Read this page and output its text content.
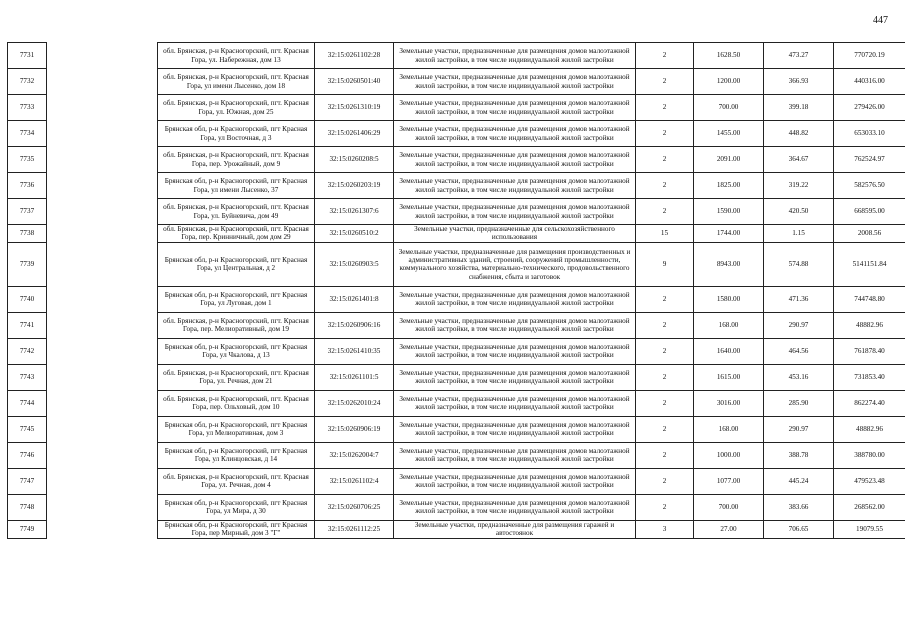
447
7731		обл. Брянская, р-н Красногорский, пгт. Красная Гора, ул. Набережная, дом 13	32:15:0261102:28	Земельные участки, предназначенные для размещения домов малоэтажной жилой застройки, в том числе индивидуальной жилой застройки	2	1628.50	473.27	770720.19
7732		обл. Брянская, р-н Красногорский, пгт. Красная Гора, ул имени Лысенко, дом 18	32:15:0260501:40	Земельные участки, предназначенные для размещения домов малоэтажной жилой застройки, в том числе индивидуальной жилой застройки	2	1200.00	366.93	440316.00
7733		обл. Брянская, р-н Красногорский, пгт. Красная Гора, ул. Южная, дом 25	32:15:0261310:19	Земельные участки, предназначенные для размещения домов малоэтажной жилой застройки, в том числе индивидуальной жилой застройки	2	700.00	399.18	279426.00
7734		Брянская обл, р-н Красногорский, пгт Красная Гора, ул Восточная, д 3	32:15:0261406:29	Земельные участки, предназначенные для размещения домов малоэтажной жилой застройки, в том числе индивидуальной жилой застройки	2	1455.00	448.82	653033.10
7735		обл. Брянская, р-н Красногорский, пгт. Красная Гора, пер. Урожайный, дом 9	32:15:0260208:5	Земельные участки, предназначенные для размещения домов малоэтажной жилой застройки, в том числе индивидуальной жилой застройки	2	2091.00	364.67	762524.97
7736		Брянская обл, р-н Красногорский, пгт Красная Гора, ул имени Лысенко, 37	32:15:0260203:19	Земельные участки, предназначенные для размещения домов малоэтажной жилой застройки, в том числе индивидуальной жилой застройки	2	1825.00	319.22	582576.50
7737		обл. Брянская, р-н Красногорский, пгт. Красная Гора, ул. Буйневича, дом 49	32:15:0261307:6	Земельные участки, предназначенные для размещения домов малоэтажной жилой застройки, в том числе индивидуальной жилой застройки	2	1590.00	420.50	668595.00
7738		обл. Брянская, р-н Красногорский, пгт. Красная Гора, пер. Кринничный, дом дом 29	32:15:0260510:2	Земельные участки, предназначенные для сельскохозяйственного использования	15	1744.00	1.15	2008.56
7739		Брянская обл, р-н Красногорский, пгт Красная Гора, ул Центральная, д 2	32:15:0260903:5	Земельные участки, предназначенные для размещения производственных и административных зданий, строений, сооружений промышленности, коммунального хозяйства, материально-технического, продовольственного снабжения, сбыта и заготовок	9	8943.00	574.88	5141151.84
7740		Брянская обл, р-н Красногорский, пгт Красная Гора, ул Луговая, дом 1	32:15:0261401:8	Земельные участки, предназначенные для размещения домов малоэтажной жилой застройки, в том числе индивидуальной жилой застройки	2	1580.00	471.36	744748.80
7741		обл. Брянская, р-н Красногорский, пгт. Красная Гора, пер. Мелиоративный, дом 19	32:15:0260906:16	Земельные участки, предназначенные для размещения домов малоэтажной жилой застройки, в том числе индивидуальной жилой застройки	2	168.00	290.97	48882.96
7742		Брянская обл, р-н Красногорский, пгт Красная Гора, ул Чкалова, д 13	32:15:0261410:35	Земельные участки, предназначенные для размещения домов малоэтажной жилой застройки, в том числе индивидуальной жилой застройки	2	1640.00	464.56	761878.40
7743		обл. Брянская, р-н Красногорский, пгт. Красная Гора, ул. Речная, дом 21	32:15:0261101:5	Земельные участки, предназначенные для размещения домов малоэтажной жилой застройки, в том числе индивидуальной жилой застройки	2	1615.00	453.16	731853.40
7744		обл. Брянская, р-н Красногорский, пгт. Красная Гора, пер. Ольховый, дом 10	32:15:0262010:24	Земельные участки, предназначенные для размещения домов малоэтажной жилой застройки, в том числе индивидуальной жилой застройки	2	3016.00	285.90	862274.40
7745		Брянская обл, р-н Красногорский, пгт Красная Гора, ул Мелиоративная, дом 3	32:15:0260906:19	Земельные участки, предназначенные для размещения домов малоэтажной жилой застройки, в том числе индивидуальной жилой застройки	2	168.00	290.97	48882.96
7746		Брянская обл, р-н Красногорский, пгт Красная Гора, ул Клинцовская, д 14	32:15:0262004:7	Земельные участки, предназначенные для размещения домов малоэтажной жилой застройки, в том числе индивидуальной жилой застройки	2	1000.00	388.78	388780.00
7747		обл. Брянская, р-н Красногорский, пгт. Красная Гора, ул. Речная, дом 4	32:15:0261102:4	Земельные участки, предназначенные для размещения домов малоэтажной жилой застройки, в том числе индивидуальной жилой застройки	2	1077.00	445.24	479523.48
7748		Брянская обл, р-н Красногорский, пгт Красная Гора, ул Мира, д 30	32:15:0260706:25	Земельные участки, предназначенные для размещения домов малоэтажной жилой застройки, в том числе индивидуальной жилой застройки	2	700.00	383.66	268562.00
7749		Брянская обл, р-н Красногорский, пгт Красная Гора, пер Мирный, дом 3 "Г"	32:15:0261112:25	Земельные участки, предназначенные для размещения гаражей и автостоянок	3	27.00	706.65	19079.55
